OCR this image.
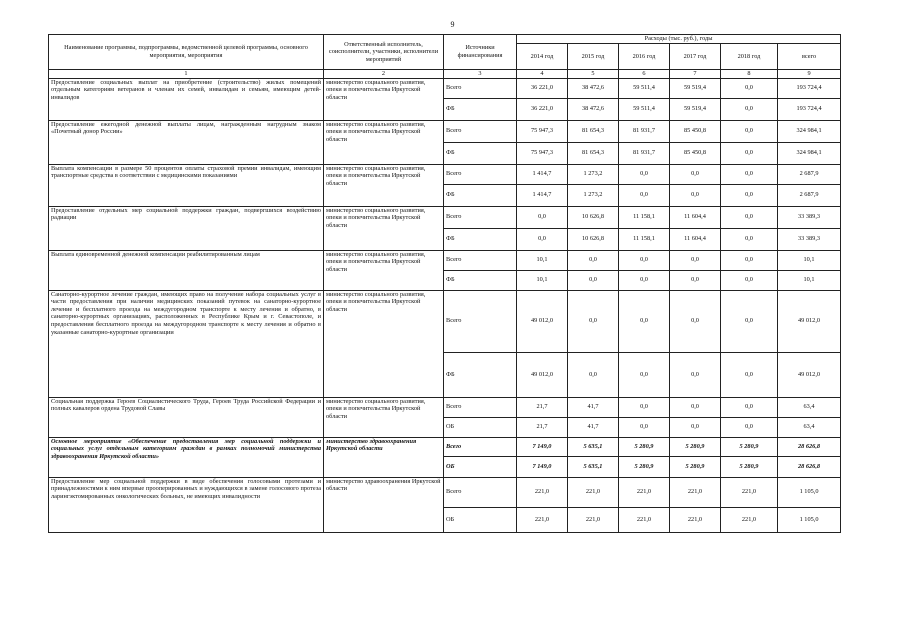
9
Наименование программы, подпрограммы, ведомственной целевой программы, основного мероприятия, мероприятия	Ответственный исполнитель, соисполнители, участники, исполнители мероприятий	Источники финансирования	Расходы (тыс. руб.), годы					
			2014 год	2015 год	2016 год	2017 год	2018 год	всего
1	2	3	4	5	6	7	8	9
Предоставление социальных выплат на приобретение (строительство) жилых помещений отдельным категориям ветеранов и членам их семей, инвалидам и семьям, имеющим детей-инвалидов	министерство социального развития, опеки и попечительства Иркутской области	Всего	36 221,0	38 472,6	59 511,4	59 519,4	0,0	193 724,4
		ФБ	36 221,0	38 472,6	59 511,4	59 519,4	0,0	193 724,4
Предоставление ежегодной денежной выплаты лицам, награжденным нагрудным знаком «Почетный донор России»	министерство социального развития, опеки и попечительства Иркутской области	Всего	75 947,3	81 654,3	81 931,7	85 450,8	0,0	324 984,1
		ФБ	75 947,3	81 654,3	81 931,7	85 450,8	0,0	324 984,1
Выплата компенсации в размере 50 процентов оплаты страховой премии инвалидам, имеющим транспортные средства в соответствии с медицинскими показаниями	министерство социального развития, опеки и попечительства Иркутской области	Всего	1 414,7	1 273,2	0,0	0,0	0,0	2 687,9
		ФБ	1 414,7	1 273,2	0,0	0,0	0,0	2 687,9
Предоставление отдельных мер социальной поддержки граждан, подвергшихся воздействию радиации	министерство социального развития, опеки и попечительства Иркутской области	Всего	0,0	10 626,8	11 158,1	11 604,4	0,0	33 389,3
		ФБ	0,0	10 626,8	11 158,1	11 604,4	0,0	33 389,3
Выплата единовременной денежной компенсации реабилитированным лицам	министерство социального развития, опеки и попечительства Иркутской области	Всего	10,1	0,0	0,0	0,0	0,0	10,1
		ФБ	10,1	0,0	0,0	0,0	0,0	10,1
Санаторно-курортное лечение граждан, имеющих право на получение набора социальных услуг в части предоставления при наличии медицинских показаний путевок на санаторно-курортное лечение и бесплатного проезда на междугородном транспорте к месту лечения и обратно, в санаторно-курортных организациях, расположенных в Республике Крым и г. Севастополе, и предоставления бесплатного проезда на междугородном транспорте к месту лечения и обратно в указанные санаторно-курортные организации	министерство социального развития, опеки и попечительства Иркутской области	Всего	49 012,0	0,0	0,0	0,0	0,0	49 012,0
		ФБ	49 012,0	0,0	0,0	0,0	0,0	49 012,0
Социальная поддержка Героев Социалистического Труда, Героев Труда Российской Федерации и полных кавалеров ордена Трудовой Славы	министерство социального развития, опеки и попечительства Иркутской области	Всего	21,7	41,7	0,0	0,0	0,0	63,4
		ОБ	21,7	41,7	0,0	0,0	0,0	63,4
Основное мероприятие «Обеспечение предоставления мер социальной поддержки и социальных услуг отдельным категориям граждан в рамках полномочий министерства здравоохранения Иркутской области»	министерство здравоохранения Иркутской области	Всего	7 149,0	5 635,1	5 280,9	5 280,9	5 280,9	28 626,8
		ОБ	7 149,0	5 635,1	5 280,9	5 280,9	5 280,9	28 626,8
Предоставление мер социальной поддержки в виде обеспечения голосовыми протезами и принадлежностями к ним впервые прооперированных и нуждающихся в замене голосового протеза ларингэктомированных онкологических больных, не имеющих инвалидности	министерство здравоохранения Иркутской области	Всего	221,0	221,0	221,0	221,0	221,0	1 105,0
		ОБ	221,0	221,0	221,0	221,0	221,0	1 105,0
